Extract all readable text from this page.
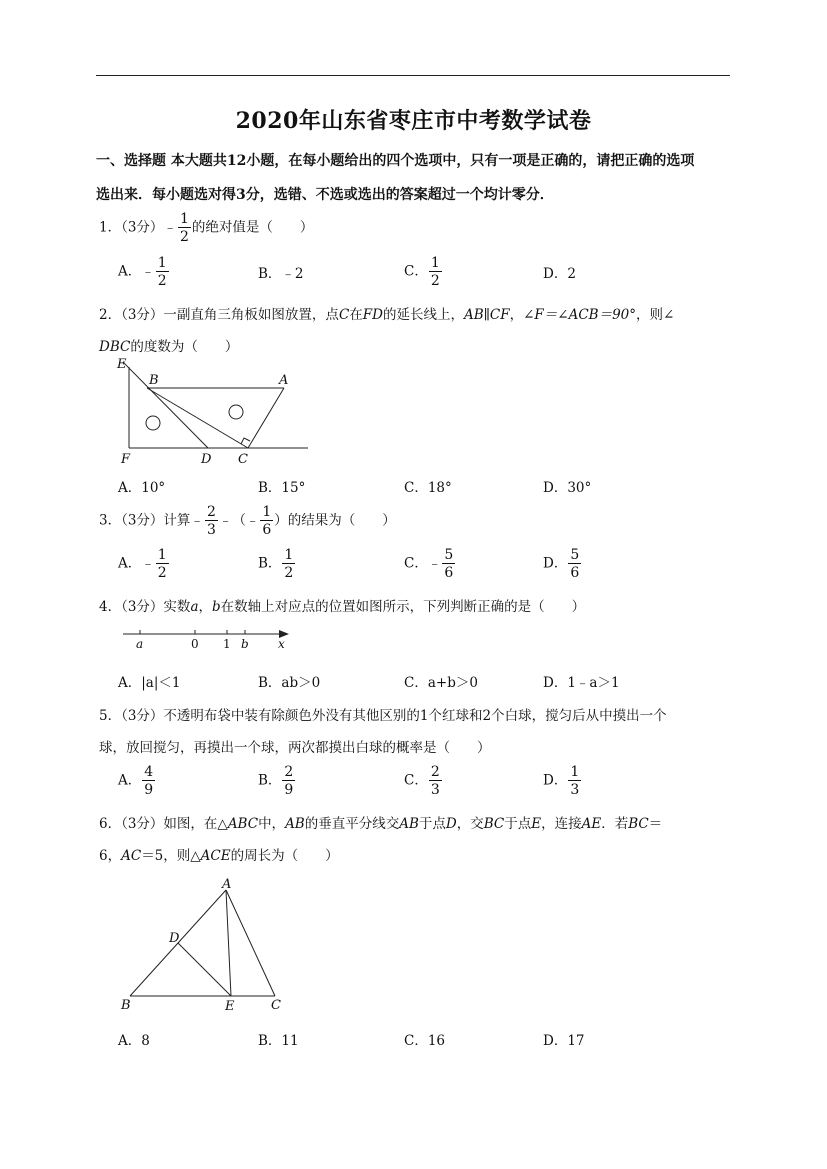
2020年山东省枣庄市中考数学试卷
一、选择题 本大题共12小题，在每小题给出的四个选项中，只有一项是正确的，请把正确的选项
选出来．每小题选对得3分，选错、不选或选出的答案超过一个均计零分．
1．（3分）﹣ $\frac{1}{2}$ 的绝对值是（　　）
A．﹣ $\frac{1}{2}$	B．﹣2	C． $\frac{1}{2}$	D．2
2．（3分）一副直角三角板如图放置，点C在FD的延长线上，AB∥CF，∠F＝∠ACB＝90°，则∠
DBC的度数为（　　）
E
B	A
F	D C
A．10°	B．15°	C．18°	D．30°
3．（3分）计算﹣ $\frac{2}{3}$ ﹣（﹣ $\frac{1}{6}$ ）的结果为（　　）
A．﹣ $\frac{1}{2}$	B． $\frac{1}{2}$	C．﹣ $\frac{5}{6}$	D． $\frac{5}{6}$
4．（3分）实数a，b在数轴上对应点的位置如图所示，下列判断正确的是（　　）
a	0 1 b x
A．|a|＜1	B．ab＞0	C．a+b＞0	D．1﹣a＞1
5．（3分）不透明布袋中装有除颜色外没有其他区别的1个红球和2个白球，搅匀后从中摸出一个
球，放回搅匀，再摸出一个球，两次都摸出白球的概率是（　　）
A． $\frac{4}{9}$	B． $\frac{2}{9}$	C． $\frac{2}{3}$	D． $\frac{1}{3}$
6．（3分）如图，在△ABC中，AB的垂直平分线交AB于点D，交BC于点E，连接AE．若BC＝
6，AC＝5，则△ACE的周长为（　　）
A
D
B	E	C
A．8	B．11	C．16	D．17
